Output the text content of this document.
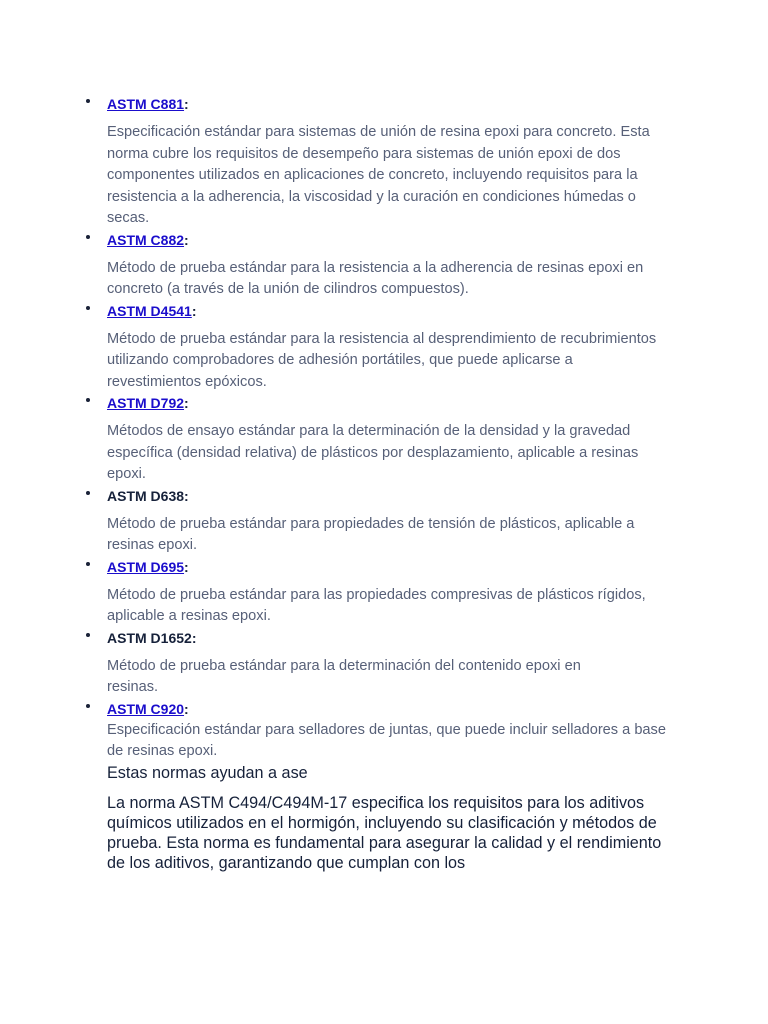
ASTM C881:

Especificación estándar para sistemas de unión de resina epoxi para concreto. Esta norma cubre los requisitos de desempeño para sistemas de unión epoxi de dos componentes utilizados en aplicaciones de concreto, incluyendo requisitos para la resistencia a la adherencia, la viscosidad y la curación en condiciones húmedas o secas.

ASTM C882:

Método de prueba estándar para la resistencia a la adherencia de resinas epoxi en concreto (a través de la unión de cilindros compuestos).

ASTM D4541:

Método de prueba estándar para la resistencia al desprendimiento de recubrimientos utilizando comprobadores de adhesión portátiles, que puede aplicarse a revestimientos epóxicos.

ASTM D792:

Métodos de ensayo estándar para la determinación de la densidad y la gravedad específica (densidad relativa) de plásticos por desplazamiento, aplicable a resinas epoxi.

ASTM D638:

Método de prueba estándar para propiedades de tensión de plásticos, aplicable a resinas epoxi.

ASTM D695:

Método de prueba estándar para las propiedades compresivas de plásticos rígidos, aplicable a resinas epoxi.

ASTM D1652:

Método de prueba estándar para la determinación del contenido epoxi en resinas.

ASTM C920:

Especificación estándar para selladores de juntas, que puede incluir selladores a base de resinas epoxi.

Estas normas ayudan a ase

La norma ASTM C494/C494M-17 especifica los requisitos para los aditivos químicos utilizados en el hormigón, incluyendo su clasificación y métodos de prueba. Esta norma es fundamental para asegurar la calidad y el rendimiento de los aditivos, garantizando que cumplan con los
